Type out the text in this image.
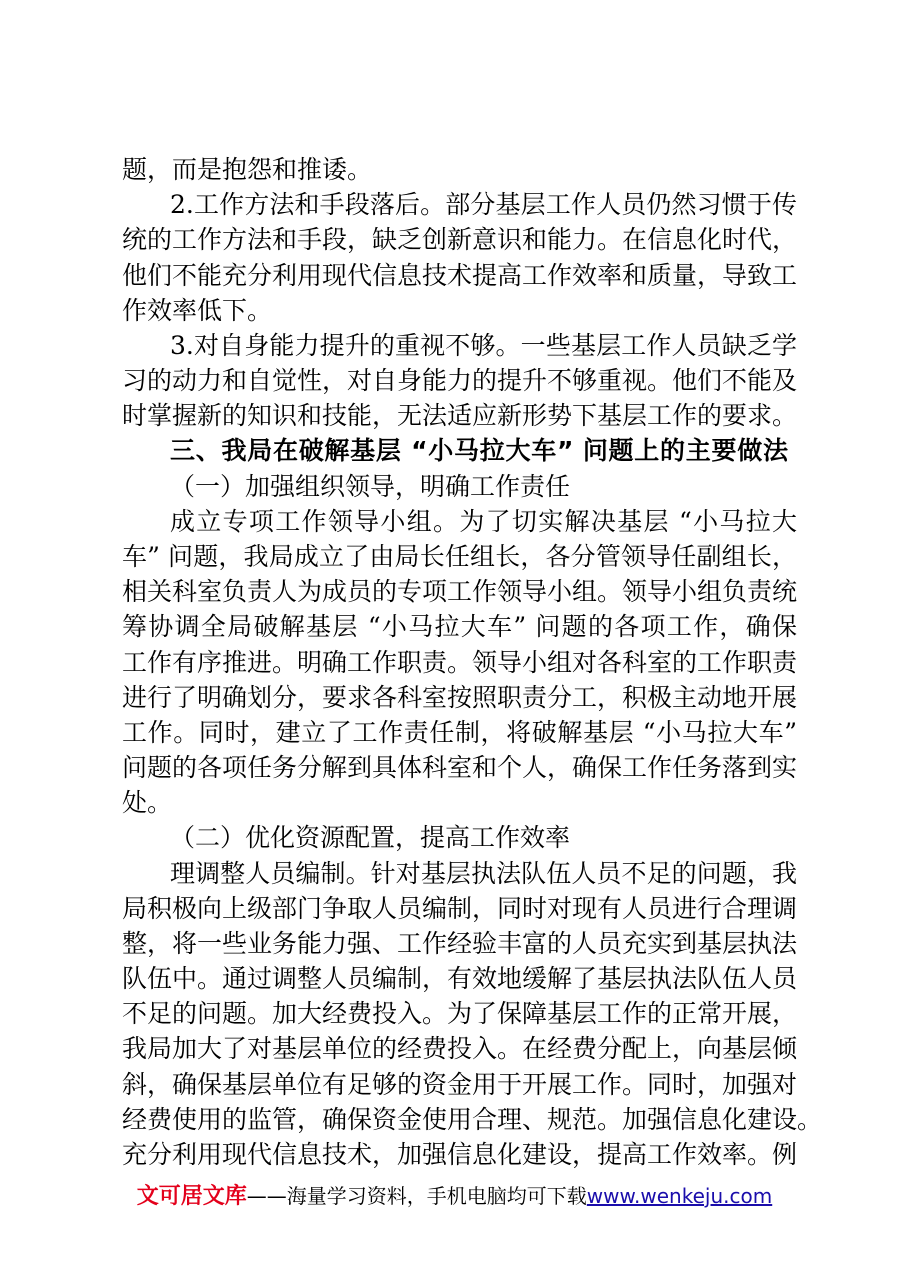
题，而是抱怨和推诿。
2.工作方法和手段落后。部分基层工作人员仍然习惯于传
统的工作方法和手段，缺乏创新意识和能力。在信息化时代，
他们不能充分利用现代信息技术提高工作效率和质量，导致工
作效率低下。
3.对自身能力提升的重视不够。一些基层工作人员缺乏学
习的动力和自觉性，对自身能力的提升不够重视。他们不能及
时掌握新的知识和技能，无法适应新形势下基层工作的要求。
三、我局在破解基层 “小马拉大车” 问题上的主要做法
（一）加强组织领导，明确工作责任
成立专项工作领导小组。为了切实解决基层 “小马拉大
车” 问题，我局成立了由局长任组长，各分管领导任副组长，
相关科室负责人为成员的专项工作领导小组。领导小组负责统
筹协调全局破解基层 “小马拉大车” 问题的各项工作，确保
工作有序推进。明确工作职责。领导小组对各科室的工作职责
进行了明确划分，要求各科室按照职责分工，积极主动地开展
工作。同时，建立了工作责任制，将破解基层 “小马拉大车”
问题的各项任务分解到具体科室和个人，确保工作任务落到实
处。
（二）优化资源配置，提高工作效率
理调整人员编制。针对基层执法队伍人员不足的问题，我
局积极向上级部门争取人员编制，同时对现有人员进行合理调
整，将一些业务能力强、工作经验丰富的人员充实到基层执法
队伍中。通过调整人员编制，有效地缓解了基层执法队伍人员
不足的问题。加大经费投入。为了保障基层工作的正常开展，
我局加大了对基层单位的经费投入。在经费分配上，向基层倾
斜，确保基层单位有足够的资金用于开展工作。同时，加强对
经费使用的监管，确保资金使用合理、规范。加强信息化建设。
充分利用现代信息技术，加强信息化建设，提高工作效率。例
文可居文库——海量学习资料，手机电脑均可下载www.wenkeju.com
